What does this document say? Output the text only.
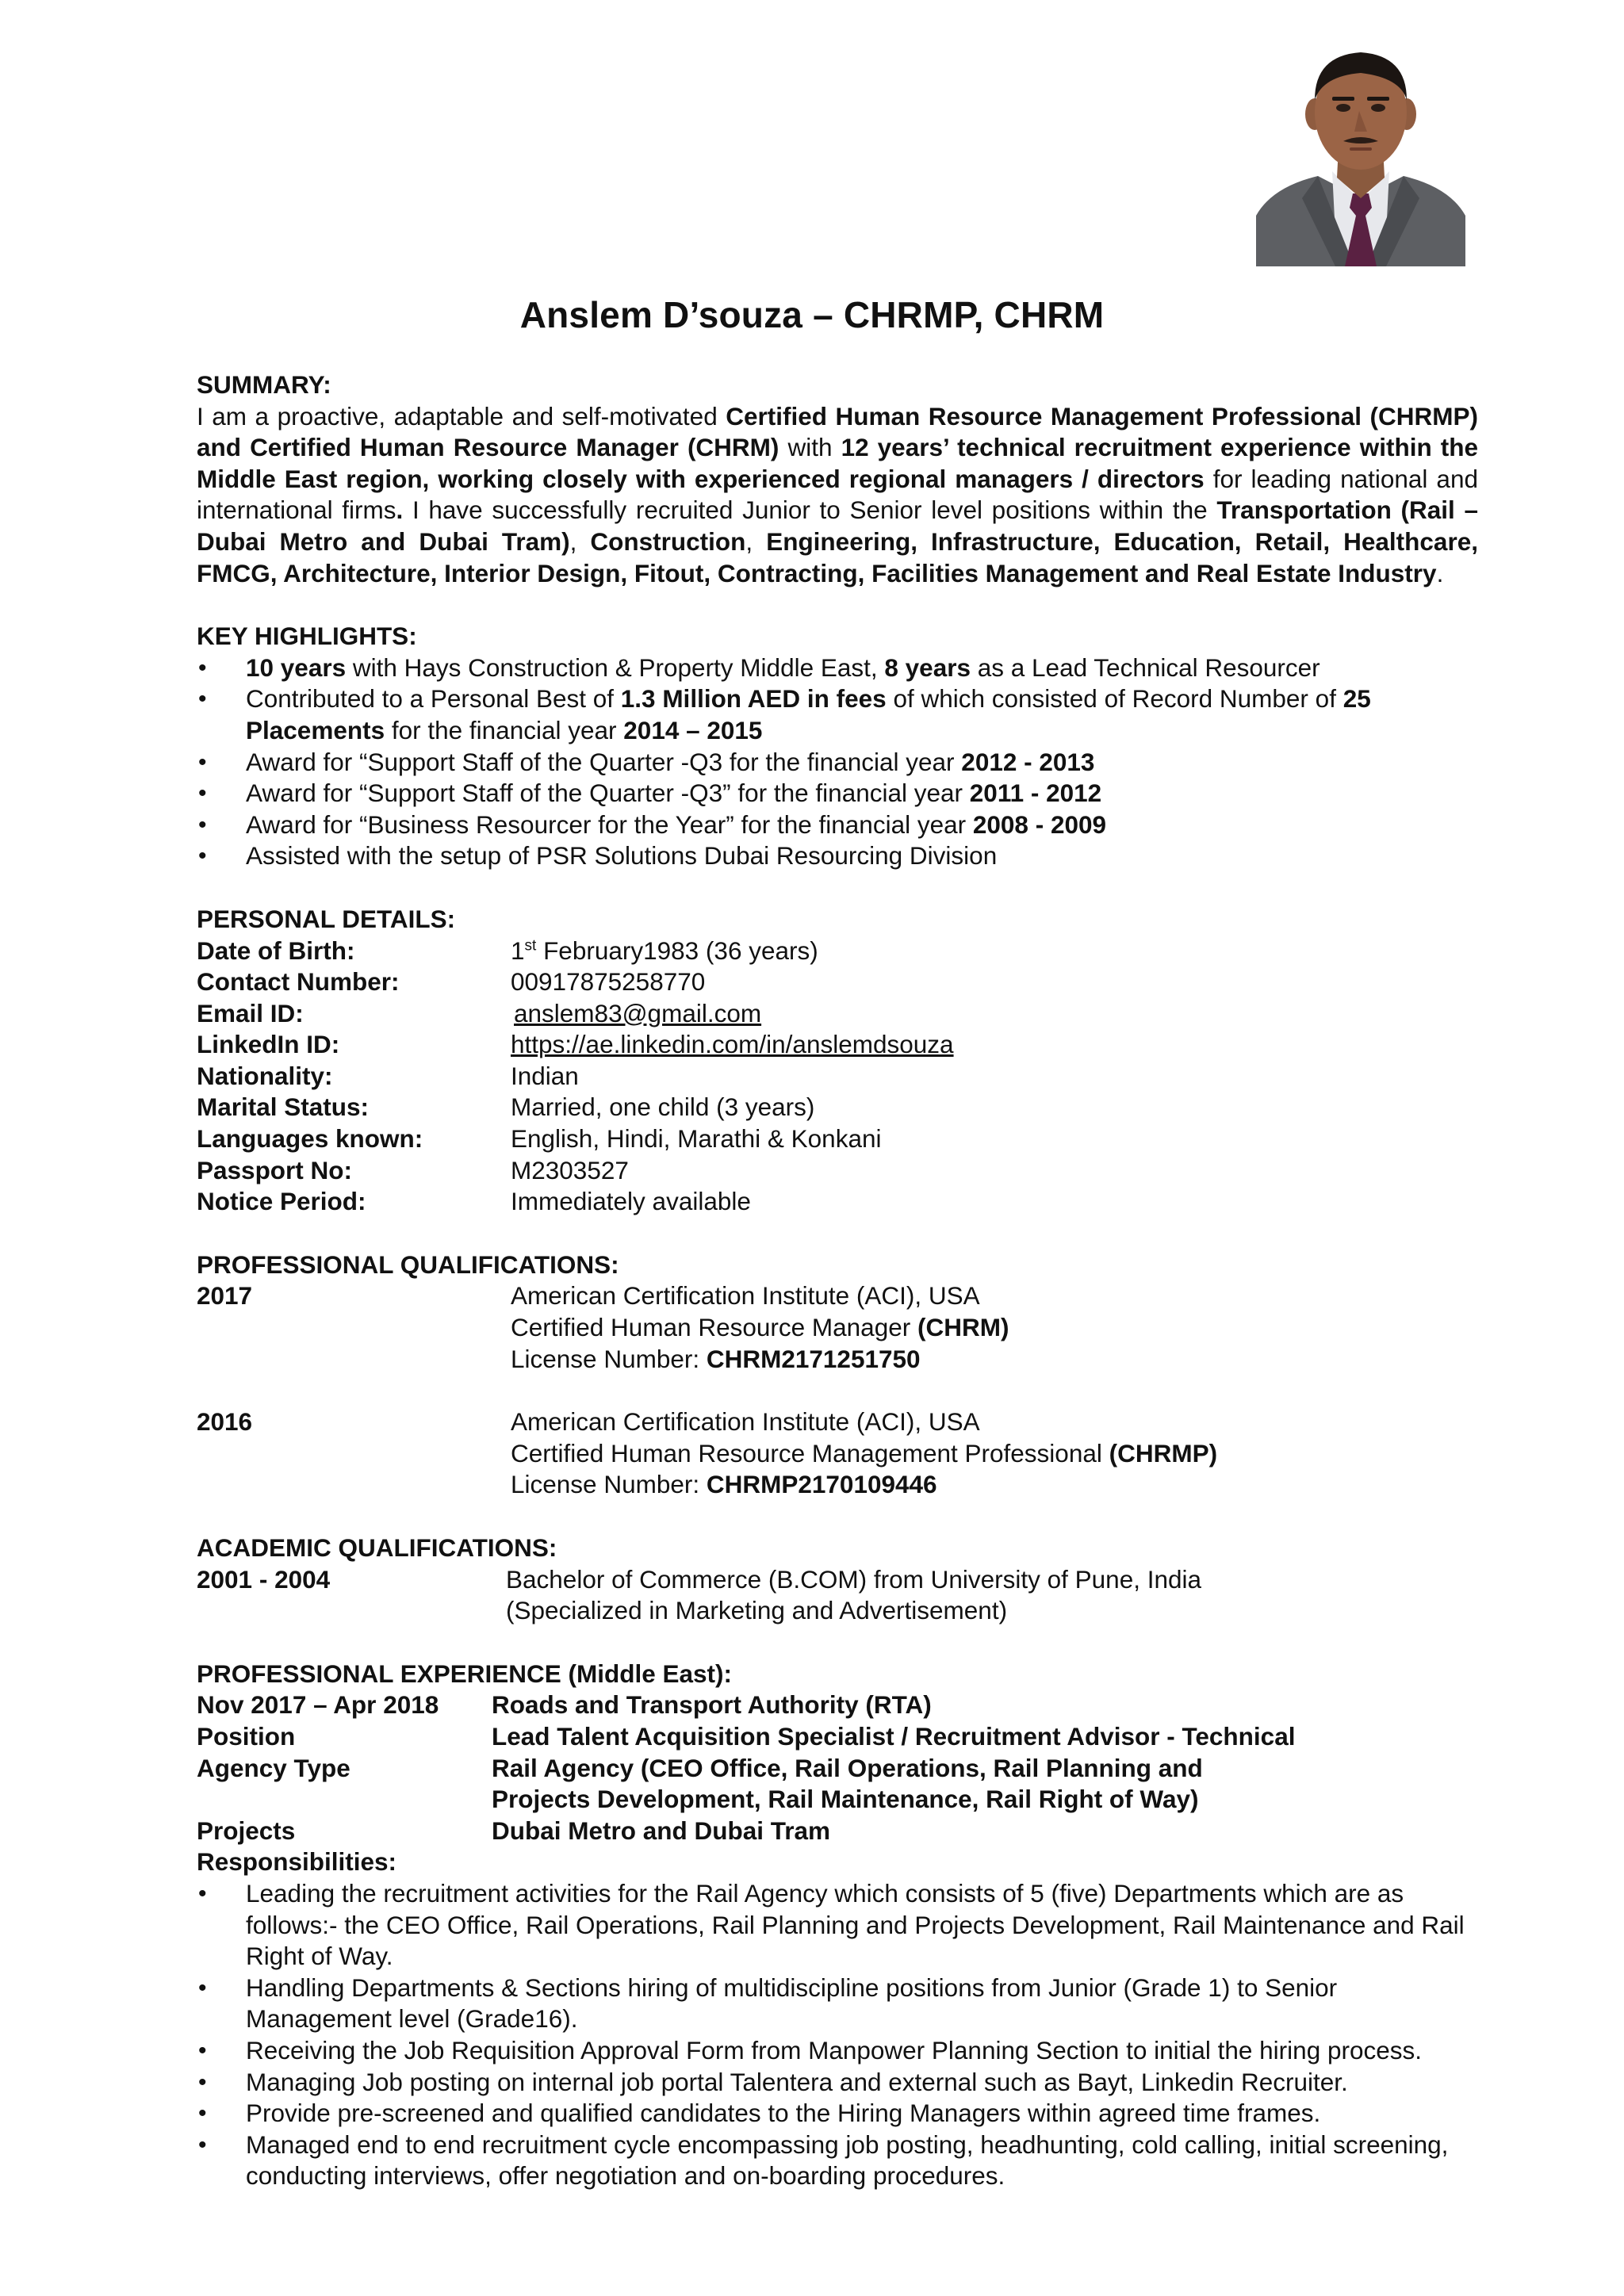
Anslem D’souza – CHRMP, CHRM
SUMMARY:
I am a proactive, adaptable and self-motivated Certified Human Resource Management Professional (CHRMP) and Certified Human Resource Manager (CHRM) with 12 years’ technical recruitment experience within the Middle East region, working closely with experienced regional managers / directors for leading national and international firms. I have successfully recruited Junior to Senior level positions within the Transportation (Rail – Dubai Metro and Dubai Tram), Construction, Engineering, Infrastructure, Education, Retail, Healthcare, FMCG, Architecture, Interior Design, Fitout, Contracting, Facilities Management and Real Estate Industry.
KEY HIGHLIGHTS:
• 10 years with Hays Construction & Property Middle East, 8 years as a Lead Technical Resourcer
• Contributed to a Personal Best of 1.3 Million AED in fees of which consisted of Record Number of 25 Placements for the financial year 2014 – 2015
• Award for “Support Staff of the Quarter -Q3 for the financial year 2012 - 2013
• Award for “Support Staff of the Quarter -Q3” for the financial year 2011 - 2012
• Award for “Business Resourcer for the Year” for the financial year 2008 - 2009
• Assisted with the setup of PSR Solutions Dubai Resourcing Division
PERSONAL DETAILS:
Date of Birth:	1st February1983 (36 years)
Contact Number:	00917875258770
Email ID:	anslem83@gmail.com
LinkedIn ID:	https://ae.linkedin.com/in/anslemdsouza
Nationality:	Indian
Marital Status:	Married, one child (3 years)
Languages known:	English, Hindi, Marathi & Konkani
Passport No:	M2303527
Notice Period:	Immediately available
PROFESSIONAL QUALIFICATIONS:
2017	American Certification Institute (ACI), USA
Certified Human Resource Manager (CHRM)
License Number: CHRM2171251750
2016	American Certification Institute (ACI), USA
Certified Human Resource Management Professional (CHRMP)
License Number: CHRMP2170109446
ACADEMIC QUALIFICATIONS:
2001 - 2004	Bachelor of Commerce (B.COM) from University of Pune, India
(Specialized in Marketing and Advertisement)
PROFESSIONAL EXPERIENCE (Middle East):
Nov 2017 – Apr 2018	Roads and Transport Authority (RTA)
Position	Lead Talent Acquisition Specialist / Recruitment Advisor - Technical
Agency Type	Rail Agency (CEO Office, Rail Operations, Rail Planning and
Projects Development, Rail Maintenance, Rail Right of Way)
Projects	Dubai Metro and Dubai Tram
Responsibilities:
• Leading the recruitment activities for the Rail Agency which consists of 5 (five) Departments which are as follows:- the CEO Office, Rail Operations, Rail Planning and Projects Development, Rail Maintenance and Rail Right of Way.
• Handling Departments & Sections hiring of multidiscipline positions from Junior (Grade 1) to Senior Management level (Grade16).
• Receiving the Job Requisition Approval Form from Manpower Planning Section to initial the hiring process.
• Managing Job posting on internal job portal Talentera and external such as Bayt, Linkedin Recruiter.
• Provide pre-screened and qualified candidates to the Hiring Managers within agreed time frames.
• Managed end to end recruitment cycle encompassing job posting, headhunting, cold calling, initial screening, conducting interviews, offer negotiation and on-boarding procedures.
